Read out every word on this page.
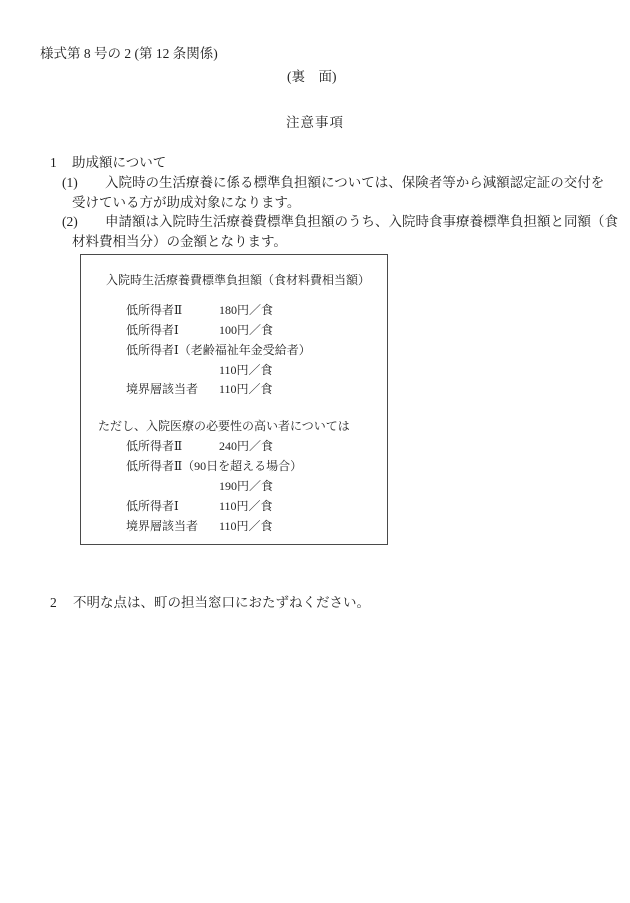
様式第 8 号の 2 (第 12 条関係)
(裏　面)
注意事項
1 助成額について
(1) 入院時の生活療養に係る標準負担額については、保険者等から減額認定証の交付を
受けている方が助成対象になります。
(2) 申請額は入院時生活療養費標準負担額のうち、入院時食事療養標準負担額と同額（食
材料費相当分）の金額となります。
入院時生活療養費標準負担額（食材料費相当額）
低所得者Ⅱ	180円／食
低所得者Ⅰ	100円／食
低所得者Ⅰ（老齢福祉年金受給者）
110円／食
境界層該当者 110円／食
ただし、入院医療の必要性の高い者については
低所得者Ⅱ	240円／食
低所得者Ⅱ（90日を超える場合）
190円／食
低所得者Ⅰ	110円／食
境界層該当者 110円／食
2 不明な点は、町の担当窓口におたずねください。
